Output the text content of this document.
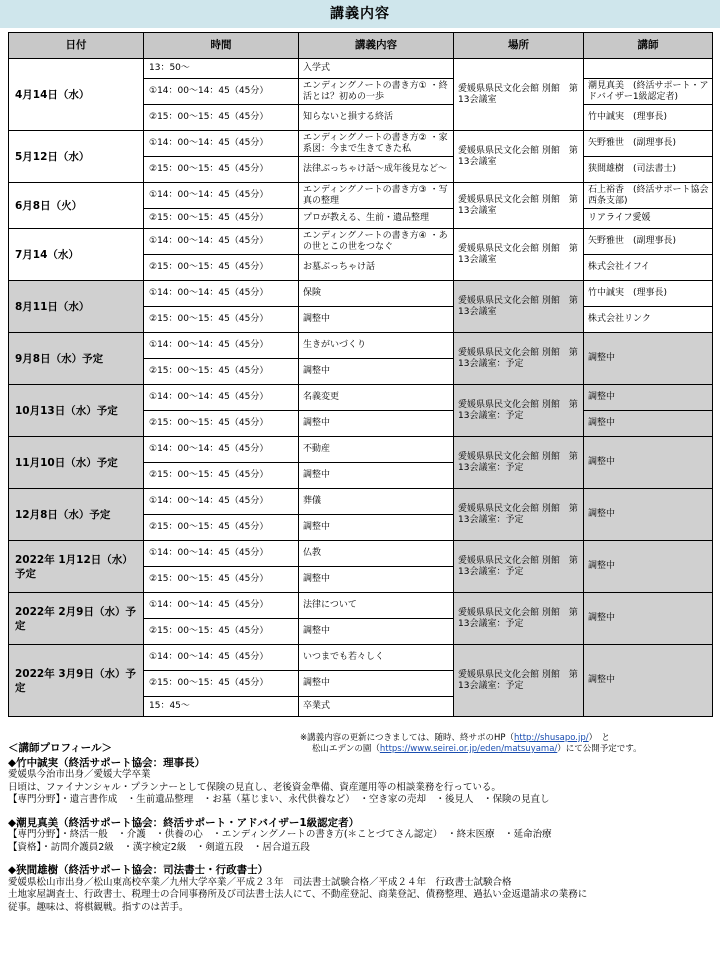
講義内容
日付	時間	講義内容	場所	講師
4月14日（水）	13：50～	入学式	愛媛県県民文化会館 別館　第13会議室	
	①14：00～14：45（45分）	エンディングノートの書き方① ・終活とは？初めの一歩		潮見真美　(終活サポート・アドバイザー1級認定者)
	②15：00～15：45（45分）	知らないと損する終活		竹中誠実　(理事長)
5月12日（水）	①14：00～14：45（45分）	エンディングノートの書き方② ・家系図：今まで生きてきた私	愛媛県県民文化会館 別館　第13会議室	矢野雅世　(副理事長)
	②15：00～15：45（45分）	法律ぶっちゃけ話～成年後見など～		狭間雄樹　(司法書士)
6月8日（火）	①14：00～14：45（45分）	エンディングノートの書き方③ ・写真の整理	愛媛県県民文化会館 別館　第13会議室	石上裕香　(終活サポート協会西条支部)
	②15：00～15：45（45分）	プロが教える、生前・遺品整理		リアライフ愛媛
7月14（水）	①14：00～14：45（45分）	エンディングノートの書き方④ ・あの世とこの世をつなぐ	愛媛県県民文化会館 別館　第13会議室	矢野雅世　(副理事長)
	②15：00～15：45（45分）	お墓ぶっちゃけ話		株式会社イフイ
8月11日（水）	①14：00～14：45（45分）	保険	愛媛県県民文化会館 別館　第13会議室	竹中誠実　(理事長)
	②15：00～15：45（45分）	調整中		株式会社リンク
9月8日（水）予定	①14：00～14：45（45分）	生きがいづくり	愛媛県県民文化会館 別館　第13会議室：予定	調整中
	②15：00～15：45（45分）	調整中		
10月13日（水）予定	①14：00～14：45（45分）	名義変更	愛媛県県民文化会館 別館　第13会議室：予定	調整中
	②15：00～15：45（45分）	調整中		調整中
11月10日（水）予定	①14：00～14：45（45分）	不動産	愛媛県県民文化会館 別館　第13会議室：予定	調整中
	②15：00～15：45（45分）	調整中		
12月8日（水）予定	①14：00～14：45（45分）	葬儀	愛媛県県民文化会館 別館　第13会議室：予定	調整中
	②15：00～15：45（45分）	調整中		
2022年 1月12日（水）予定	①14：00～14：45（45分）	仏教	愛媛県県民文化会館 別館　第13会議室：予定	調整中
	②15：00～15：45（45分）	調整中		
2022年 2月9日（水）予定	①14：00～14：45（45分）	法律について	愛媛県県民文化会館 別館　第13会議室：予定	調整中
	②15：00～15：45（45分）	調整中		
2022年 3月9日（水）予定	①14：00～14：45（45分）	いつまでも若々しく	愛媛県県民文化会館 別館　第13会議室：予定	調整中
	②15：00～15：45（45分）	調整中		
	15：45～	卒業式		
※講義内容の更新につきましては、随時、終サポのHP（http://shusapo.jp/）　と
松山エデンの園（https://www.seirei.or.jp/eden/matsuyama/）にて公開予定です。
＜講師プロフィール＞
◆竹中誠実（終活サポート協会：理事長）
愛媛県今治市出身／愛媛大学卒業
日頃は、ファイナンシャル・プランナーとして保険の見直し、老後資金準備、資産運用等の相談業務を行っている。
【専門分野】・遺言書作成　・生前遺品整理　・お墓（墓じまい、永代供養など）　・空き家の売却　・後見人　・保険の見直し
◆潮見真美（終活サポート協会：終活サポート・アドバイザー1級認定者）
【専門分野】・終活一般　・介護　・供養の心　・エンディングノートの書き方(＊ことづてさん認定）　・終末医療　・延命治療
【資格】・訪問介護員2級　・漢字検定2級　・剣道五段　・居合道五段
◆狭間雄樹（終活サポート協会：司法書士・行政書士）
愛媛県松山市出身／松山東高校卒業／九州大学卒業／平成２３年　司法書士試験合格／平成２４年　行政書士試験合格
土地家屋調査士、行政書士、税理士の合同事務所及び司法書士法人にて、不動産登記、商業登記、債務整理、過払い金返還請求の業務に
従事。趣味は、将棋観戦。指すのは苦手。
